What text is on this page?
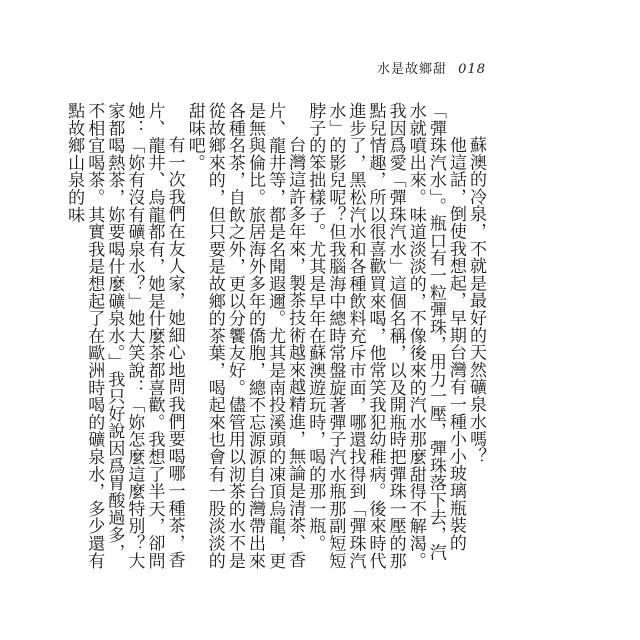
水是故鄉甜 018

蘇澳的冷泉，不就是最好的天然礦泉水嗎？

他這話，倒使我想起，早期台灣有一種小小玻璃瓶裝的「彈珠汽水」。瓶口有一粒彈珠，用力一壓，彈珠落下去，汽水就噴出來。味道淡淡的，不像後來的汽水那麼甜得不解渴。我因爲愛「彈珠汽水」這個名稱，以及開瓶時把彈珠一壓的那點兒情趣，所以很喜歡買來喝，他常笑我犯幼稚病。後來時代進步了，黑松汽水和各種飲料充斥市面，哪還找得到「彈珠汽水」的影兒呢？但我腦海中總時常盤旋著彈子汽水瓶那副短短脖子的笨拙樣子。尤其是早年在蘇澳遊玩時，喝的那一瓶。

台灣這許多年來，製茶技術越來越精進，無論是清茶、香片、龍井等，都是名聞遐邇。尤其是南投溪頭的凍頂烏龍，更是無與倫比。旅居海外多年的僑胞，總不忘源源自台灣帶出來各種名茶，自飲之外，更以分饗友好。儘管用以沏茶的水不是從故鄉來的，但只要是故鄉的茶葉，喝起來也會有一股淡淡的甜味吧。

有一次我們在友人家，她細心地問我們要喝哪一種茶，香片、龍井、烏龍都有，她是什麼茶都喜歡。我想了半天，卻問她：「妳有沒有礦泉水？」她大笑說：「妳怎麼這麼特別？大家都喝熱茶，妳要喝什麼礦泉水。」我只好說因爲胃酸過多，不相宜喝茶。其實我是想起了在歐洲時喝的礦泉水，多少還有點故鄉山泉的味
